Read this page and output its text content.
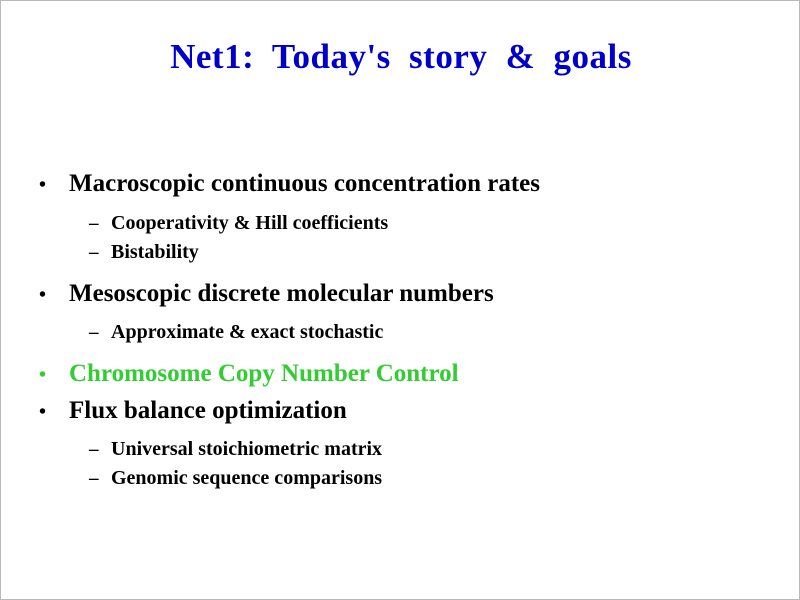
Net1: Today's story & goals
• Macroscopic continuous concentration rates
– Cooperativity & Hill coefficients
– Bistability
• Mesoscopic discrete molecular numbers
– Approximate & exact stochastic
• Chromosome Copy Number Control
• Flux balance optimization
– Universal stoichiometric matrix
– Genomic sequence comparisons
